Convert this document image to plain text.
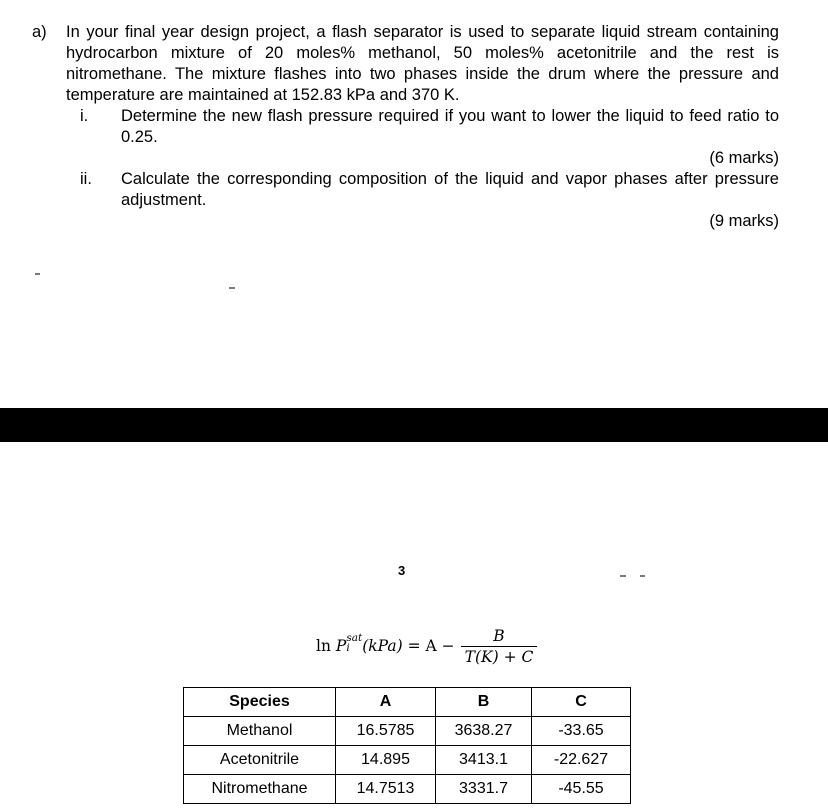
a) In your final year design project, a flash separator is used to separate liquid stream containing hydrocarbon mixture of 20 moles% methanol, 50 moles% acetonitrile and the rest is nitromethane. The mixture flashes into two phases inside the drum where the pressure and temperature are maintained at 152.83 kPa and 370 K.
i. Determine the new flash pressure required if you want to lower the liquid to feed ratio to 0.25.
(6 marks)
ii. Calculate the corresponding composition of the liquid and vapor phases after pressure adjustment.
(9 marks)
3
ln
P sat
i $(kPa) = A - \frac{B}{T(K) + C}$
Species	A	B	C
Methanol	16.5785	3638.27	-33.65
Acetonitrile	14.895	3413.1	-22.627
Nitromethane	14.7513	3331.7	-45.55
